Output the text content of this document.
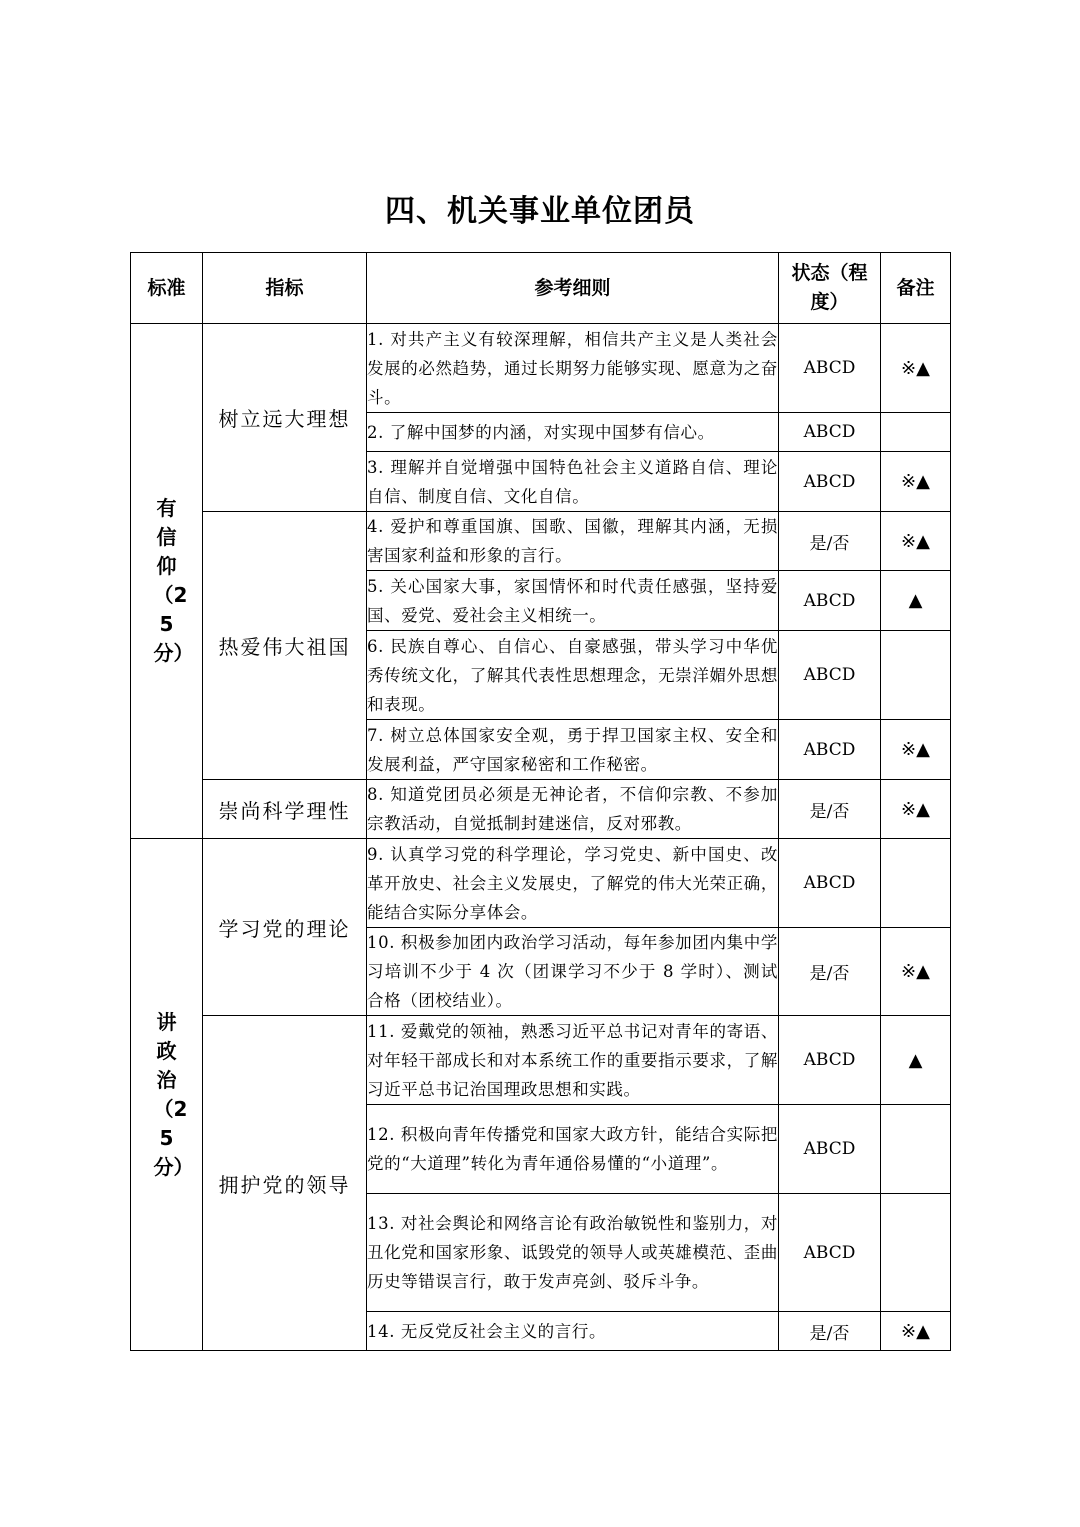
四、机关事业单位团员
标准	指标	参考细则	状态（程度）	备注
有信仰（25分）	树立远大理想	1. 对共产主义有较深理解，相信共产主义是人类社会发展的必然趋势，通过长期努力能够实现、愿意为之奋斗。	ABCD	※▲
		2. 了解中国梦的内涵，对实现中国梦有信心。	ABCD	
		3. 理解并自觉增强中国特色社会主义道路自信、理论自信、制度自信、文化自信。	ABCD	※▲
	热爱伟大祖国	4. 爱护和尊重国旗、国歌、国徽，理解其内涵，无损害国家利益和形象的言行。	是/否	※▲
		5. 关心国家大事，家国情怀和时代责任感强，坚持爱国、爱党、爱社会主义相统一。	ABCD	▲
		6. 民族自尊心、自信心、自豪感强，带头学习中华优秀传统文化，了解其代表性思想理念，无崇洋媚外思想和表现。	ABCD	
		7. 树立总体国家安全观，勇于捍卫国家主权、安全和发展利益，严守国家秘密和工作秘密。	ABCD	※▲
	崇尚科学理性	8. 知道党团员必须是无神论者，不信仰宗教、不参加宗教活动，自觉抵制封建迷信，反对邪教。	是/否	※▲
讲政治（25分）	学习党的理论	9. 认真学习党的科学理论，学习党史、新中国史、改革开放史、社会主义发展史，了解党的伟大光荣正确，能结合实际分享体会。	ABCD	
		10. 积极参加团内政治学习活动，每年参加团内集中学习培训不少于 4 次（团课学习不少于 8 学时）、测试合格（团校结业）。	是/否	※▲
	拥护党的领导	11. 爱戴党的领袖，熟悉习近平总书记对青年的寄语、对年轻干部成长和对本系统工作的重要指示要求，了解习近平总书记治国理政思想和实践。	ABCD	▲
		12. 积极向青年传播党和国家大政方针，能结合实际把党的“大道理”转化为青年通俗易懂的“小道理”。	ABCD	
		13. 对社会舆论和网络言论有政治敏锐性和鉴别力，对丑化党和国家形象、诋毁党的领导人或英雄模范、歪曲历史等错误言行，敢于发声亮剑、驳斥斗争。	ABCD	
		14. 无反党反社会主义的言行。	是/否	※▲
